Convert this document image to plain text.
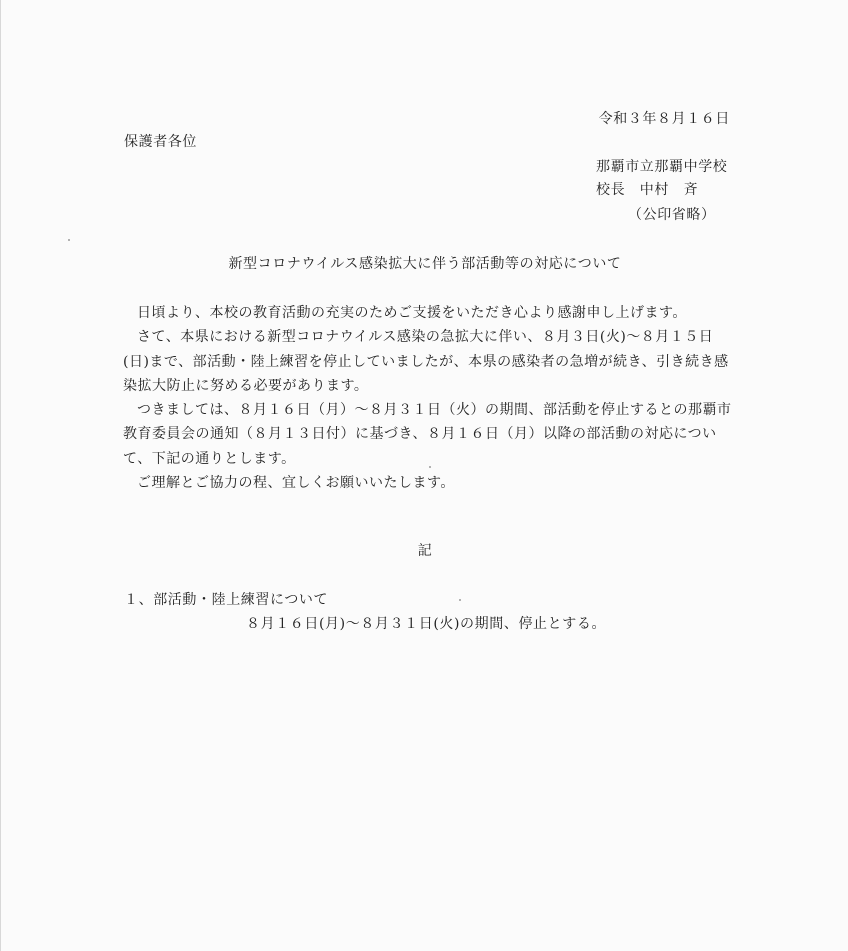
令和３年８月１６日
保護者各位
那覇市立那覇中学校
校長　中村　斉
（公印省略）
新型コロナウイルス感染拡大に伴う部活動等の対応について

日頃より、本校の教育活動の充実のためご支援をいただき心より感謝申し上げます。

さて、本県における新型コロナウイルス感染の急拡大に伴い、８月３日(火)～８月１５日(日)まで、部活動・陸上練習を停止していましたが、本県の感染者の急増が続き、引き続き感染拡大防止に努める必要があります。

つきましては、８月１６日（月）～８月３１日（火）の期間、部活動を停止するとの那覇市教育委員会の通知（８月１３日付）に基づき、８月１６日（月）以降の部活動の対応について、下記の通りとします。

ご理解とご協力の程、宜しくお願いいたします。

記
１、部活動・陸上練習について
８月１６日(月)～８月３１日(火)の期間、停止とする。
